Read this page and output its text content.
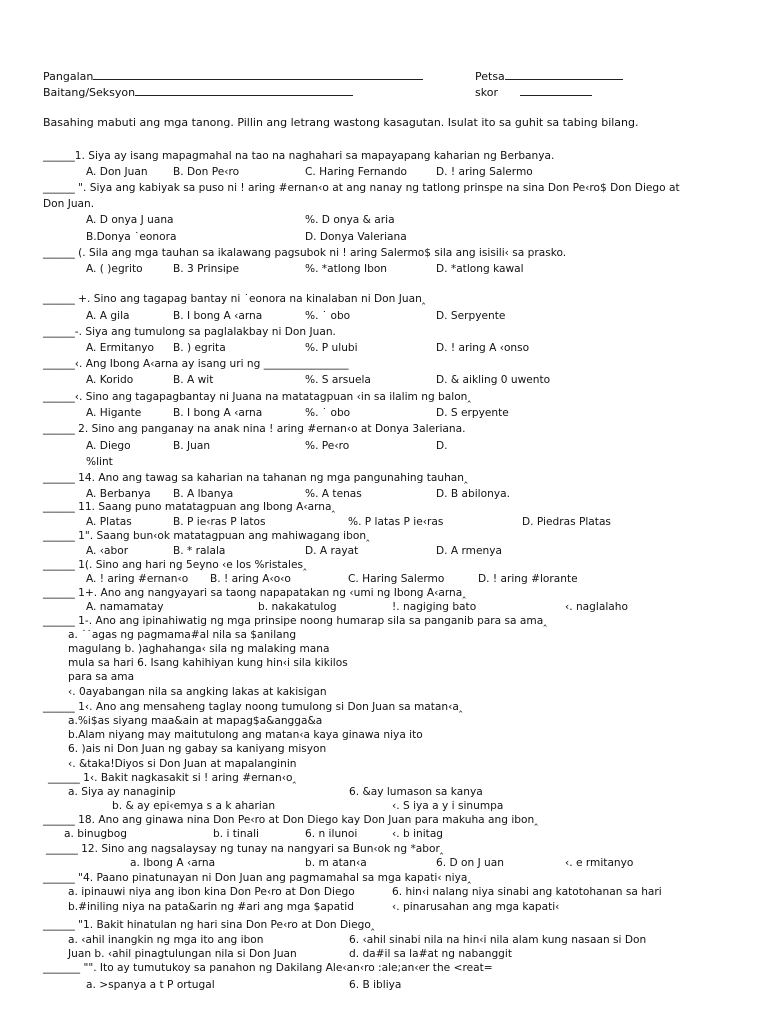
Pangalan	Petsa
Baitang/Seksyon	skor
Basahing mabuti ang mga tanong. Pillin ang letrang wastong kasagutan. Isulat ito sa guhit sa tabing bilang.
______1. Siya ay isang mapagmahal na tao na naghahari sa mapayapang kaharian ng Berbanya.
A. Don Juan B. Don Pe‹ro	C. Haring Fernando	D. ! aring Salermo
______ ". Siya ang kabiyak sa puso ni ! aring #ernan‹o at ang nanay ng tatlong prinspe na sina Don Pe‹ro$ Don Diego at
Don Juan.
A. D onya J uana	%. D onya & aria
B.Donya ˙eonora	D. Donya Valeriana
______ (. Sila ang mga tauhan sa ikalawang pagsubok ni ! aring Salermo$ sila ang isisili‹ sa prasko.
A. ( )egrito	B. 3 Prinsipe	%. *atlong Ibon	D. *atlong kawal
______ +. Sino ang tagapag bantay ni ˙eonora na kinalaban ni Don Juan‸
A. A gila	B. I bong A ‹arna	%. ˙ obo	D. Serpyente
______-. Siya ang tumulong sa paglalakbay ni Don Juan.
A. Ermitanyo B. ) egrita	%. P ulubi	D. ! aring A ‹onso
______‹. Ang Ibong A‹arna ay isang uri ng ________________
A. Korido	B. A wit	%. S arsuela	D. & aikling 0 uwento
______‹. Sino ang tagapagbantay ni Juana na matatagpuan ‹in sa ilalim ng balon‸
A. Higante	B. I bong A ‹arna	%. ˙ obo	D. S erpyente
______ 2. Sino ang panganay na anak nina ! aring #ernan‹o at Donya 3aleriana.
A. Diego	B. Juan	%. Pe‹ro	D.
%lint
______ 14. Ano ang tawag sa kaharian na tahanan ng mga pangunahing tauhan‸
A. Berbanya B. A lbanya	%. A tenas	D. B abilonya.
______ 11. Saang puno matatagpuan ang Ibong A‹arna‸
A. Platas	B. P ie‹ras P latos	%. P latas P ie‹ras	D. Piedras Platas
______ 1". Saang bun‹ok matatagpuan ang mahiwagang ibon‸
A. ‹abor	B. * ralala	D. A rayat	D. A rmenya
______ 1(. Sino ang hari ng 5eyno ‹e los %ristales‸
A. ! aring #ernan‹o B. ! aring A‹o‹o	C. Haring Salermo	D. ! aring #lorante
______ 1+. Ano ang nangyayari sa taong napapatakan ng ‹umi ng Ibong A‹arna‸
A. namamatay	b. nakakatulog	!. nagiging bato	‹. naglalaho
______ 1-. Ano ang ipinahiwatig ng mga prinsipe noong humarap sila sa panganib para sa ama‸
a. ˙˙agas ng pagmama#al nila sa $anilang
magulang b. )aghahanga‹ sila ng malaking mana
mula sa hari 6. Isang kahihiyan kung hin‹i sila kikilos
para sa ama
‹. 0ayabangan nila sa angking lakas at kakisigan
______ 1‹. Ano ang mensaheng taglay noong tumulong si Don Juan sa matan‹a‸
a.%i$as siyang maa&ain at mapag$a&angga&a
b.Alam niyang may maitutulong ang matan‹a kaya ginawa niya ito
6. )ais ni Don Juan ng gabay sa kaniyang misyon
‹. &taka!Diyos si Don Juan at mapalanginin
______ 1‹. Bakit nagkasakit si ! aring #ernan‹o‸
a. Siya ay nanaginip	6. &ay lumason sa kanya
b. & ay epi‹emya s a k aharian	‹. S iya a y i sinumpa
______ 18. Ano ang ginawa nina Don Pe‹ro at Don Diego kay Don Juan para makuha ang ibon‸
a. binugbog	b. i tinali	6. n ilunoi	‹. b initag
______ 12. Sino ang nagsalaysay ng tunay na nangyari sa Bun‹ok ng *abor‸
a. Ibong A ‹arna	b. m atan‹a	6. D on J uan	‹. e rmitanyo
______ "4. Paano pinatunayan ni Don Juan ang pagmamahal sa mga kapati‹ niya‸
a. ipinauwi niya ang ibon kina Don Pe‹ro at Don Diego	6. hin‹i nalang niya sinabi ang katotohanan sa hari
b.#iniling niya na pata&arin ng #ari ang mga $apatid	‹. pinarusahan ang mga kapati‹
______ "1. Bakit hinatulan ng hari sina Don Pe‹ro at Don Diego‸
a. ‹ahil inangkin ng mga ito ang ibon	6. ‹ahil sinabi nila na hin‹i nila alam kung nasaan si Don
Juan b. ‹ahil pinagtulungan nila si Don Juan	d. da#il sa la#at ng nabanggit
_______ "". Ito ay tumutukoy sa panahon ng Dakilang Ale‹an‹ro :ale;an‹er the <reat=
a. >spanya a t P ortugal	6. B ibliya
